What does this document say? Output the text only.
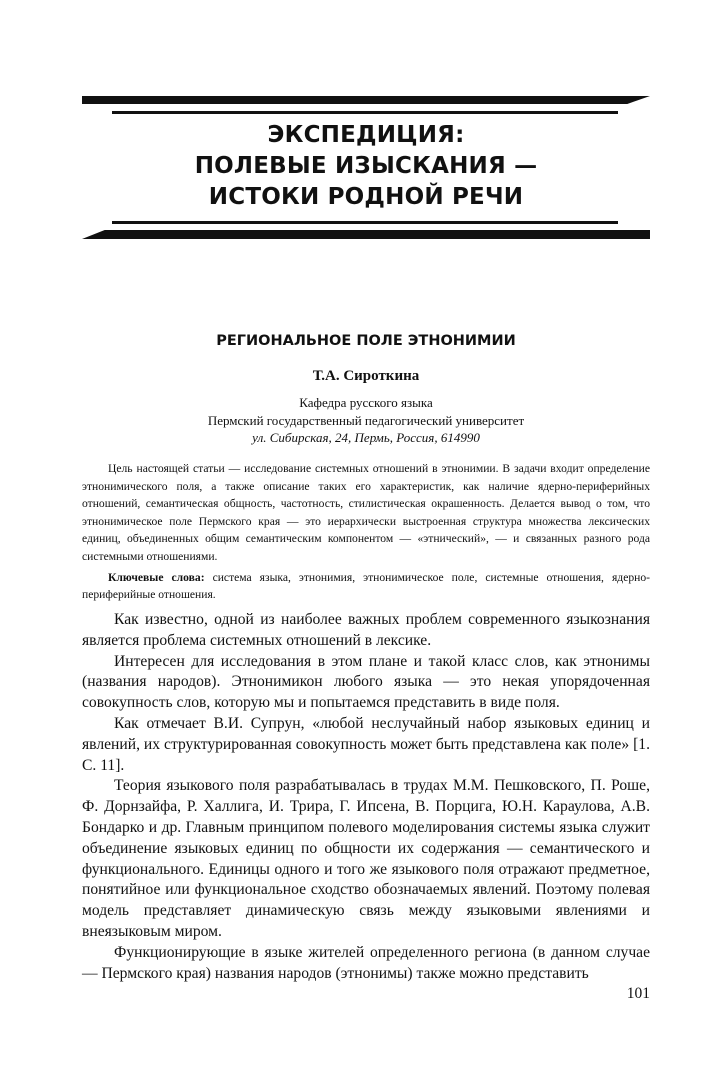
ЭКСПЕДИЦИЯ:
ПОЛЕВЫЕ ИЗЫСКАНИЯ —
ИСТОКИ РОДНОЙ РЕЧИ
РЕГИОНАЛЬНОЕ ПОЛЕ ЭТНОНИМИИ
Т.А. Сироткина
Кафедра русского языка
Пермский государственный педагогический университет
ул. Сибирская, 24, Пермь, Россия, 614990

Цель настоящей статьи — исследование системных отношений в этнонимии. В задачи входит определение этнонимического поля, а также описание таких его характеристик, как наличие ядерно-периферийных отношений, семантическая общность, частотность, стилистическая окрашенность. Делается вывод о том, что этнонимическое поле Пермского края — это иерархически выстроенная структура множества лексических единиц, объединенных общим семантическим компонентом — «этнический», — и связанных разного рода системными отношениями.

Ключевые слова: система языка, этнонимия, этнонимическое поле, системные отношения, ядерно-периферийные отношения.

Как известно, одной из наиболее важных проблем современного языкознания является проблема системных отношений в лексике.

Интересен для исследования в этом плане и такой класс слов, как этнонимы (названия народов). Этнонимикон любого языка — это некая упорядоченная совокупность слов, которую мы и попытаемся представить в виде поля.

Как отмечает В.И. Супрун, «любой неслучайный набор языковых единиц и явлений, их структурированная совокупность может быть представлена как поле» [1. С. 11].

Теория языкового поля разрабатывалась в трудах М.М. Пешковского, П. Роше, Ф. Дорнзайфа, Р. Халлига, И. Трира, Г. Ипсена, В. Порцига, Ю.Н. Караулова, А.В. Бондарко и др. Главным принципом полевого моделирования системы языка служит объединение языковых единиц по общности их содержания — семантического и функционального. Единицы одного и того же языкового поля отражают предметное, понятийное или функциональное сходство обозначаемых явлений. Поэтому полевая модель представляет динамическую связь между языковыми явлениями и внеязыковым миром.

Функционирующие в языке жителей определенного региона (в данном случае — Пермского края) названия народов (этнонимы) также можно представить

101
